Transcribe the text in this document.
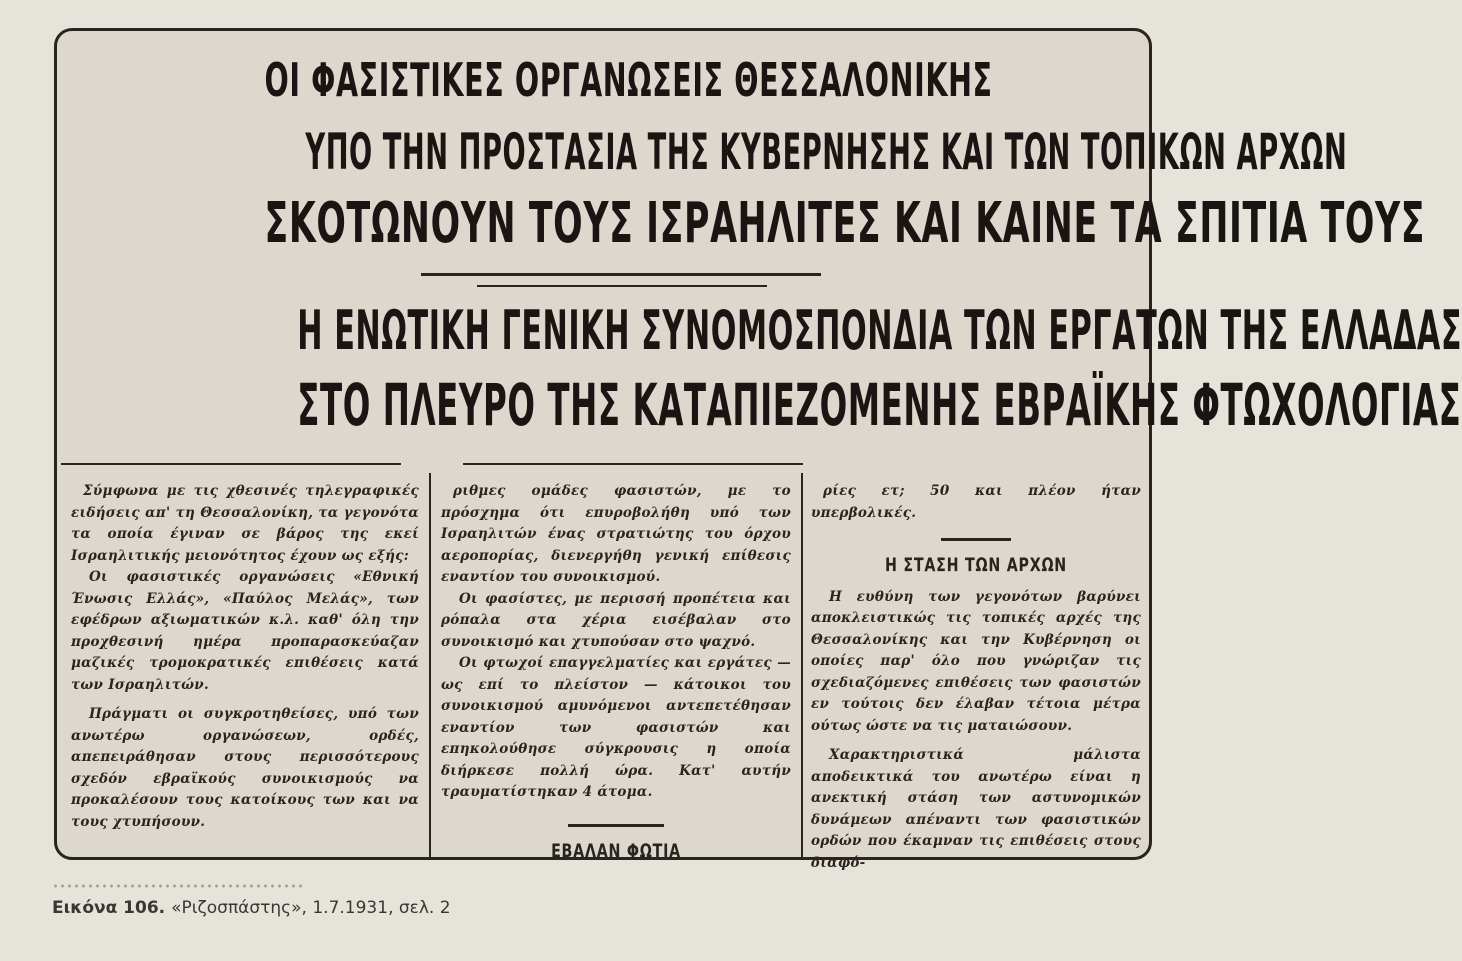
ΟΙ ΦΑΣΙΣΤΙΚΕΣ ΟΡΓΑΝΩΣΕΙΣ ΘΕΣΣΑΛΟΝΙΚΗΣ
ΥΠΟ ΤΗΝ ΠΡΟΣΤΑΣΙΑ ΤΗΣ ΚΥΒΕΡΝΗΣΗΣ ΚΑΙ ΤΩΝ ΤΟΠΙΚΩΝ ΑΡΧΩΝ
ΣΚΟΤΩΝΟΥΝ ΤΟΥΣ ΙΣΡΑΗΛΙΤΕΣ ΚΑΙ ΚΑΙΝΕ ΤΑ ΣΠΙΤΙΑ ΤΟΥΣ
Η ΕΝΩΤΙΚΗ ΓΕΝΙΚΗ ΣΥΝΟΜΟΣΠΟΝΔΙΑ ΤΩΝ ΕΡΓΑΤΩΝ ΤΗΣ ΕΛΛΑΔΑΣ
ΣΤΟ ΠΛΕΥΡΟ ΤΗΣ ΚΑΤΑΠΙΕΖΟΜΕΝΗΣ ΕΒΡΑΪΚΗΣ ΦΤΩΧΟΛΟΓΙΑΣ

Σύμφωνα με τις χθεσινές τηλεγραφικές ειδήσεις απ' τη Θεσσαλονίκη, τα γεγονότα τα οποία έγιναν σε βάρος της εκεί Ισραηλιτικής μειονότητος έχουν ως εξής:

Οι φασιστικές οργανώσεις «Εθνική Ένωσις Ελλάς», «Παύλος Μελάς», των εφέδρων αξιωματικών κ.λ. καθ' όλη την προχθεσινή ημέρα προπαρασκεύαζαν μαζικές τρομοκρατικές επιθέσεις κατά των Ισραηλιτών.

Πράγματι οι συγκροτηθείσες, υπό των ανωτέρω οργανώσεων, ορδές, απεπειράθησαν στους περισσότερους σχεδόν εβραϊκούς συνοικισμούς να προκαλέσουν τους κατοίκους των και να τους χτυπήσουν.

ριθμες ομάδες φασιστών, με το πρόσχημα ότι επυροβολήθη υπό των Ισραηλιτών ένας στρατιώτης του όρχου αεροπορίας, διενεργήθη γενική επίθεσις εναντίον του συνοικισμού.

Οι φασίστες, με περισσή προπέτεια και ρόπαλα στα χέρια εισέβαλαν στο συνοικισμό και χτυπούσαν στο ψαχνό.

Οι φτωχοί επαγγελματίες και εργάτες — ως επί το πλείστον — κάτοικοι του συνοικισμού αμυνόμενοι αντεπετέθησαν εναντίον των φασιστών και επηκολούθησε σύγκρουσις η οποία διήρκεσε πολλή ώρα. Κατ' αυτήν τραυματίστηκαν 4 άτομα.

ΕΒΑΛΑΝ ΦΩΤΙΑ

ρίες ετ; 50 και πλέον ήταν υπερβολικές.

Η ΣΤΑΣΗ ΤΩΝ ΑΡΧΩΝ

Η ευθύνη των γεγονότων βαρύνει αποκλειστικώς τις τοπικές αρχές της Θεσσαλονίκης και την Κυβέρνηση οι οποίες παρ' όλο που γνώριζαν τις σχεδιαζόμενες επιθέσεις των φασιστών εν τούτοις δεν έλαβαν τέτοια μέτρα ούτως ώστε να τις ματαιώσουν.

Χαρακτηριστικά μάλιστα αποδεικτικά του ανωτέρω είναι η ανεκτική στάση των αστυνομικών δυνάμεων απέναντι των φασιστικών ορδών που έκαμναν τις επιθέσεις στους διαφό-

Εικόνα 106. «Ριζοσπάστης», 1.7.1931, σελ. 2
